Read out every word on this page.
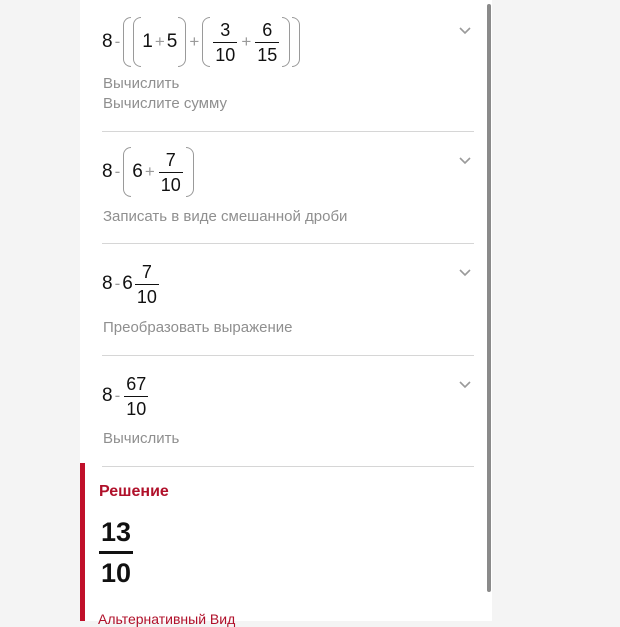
$8 - 1 + 5 + \frac{3}{10} + \frac{6}{15}$
Вычислить
Вычислите сумму
$8 - 6 + \frac{7}{10}$
Записать в виде смешанной дроби
$8 - 6 \frac{7}{10}$
Преобразовать выражение
$8 - \frac{67}{10}$
Вычислить
Решение
$\frac{13}{10}$
Альтернативный Вид
